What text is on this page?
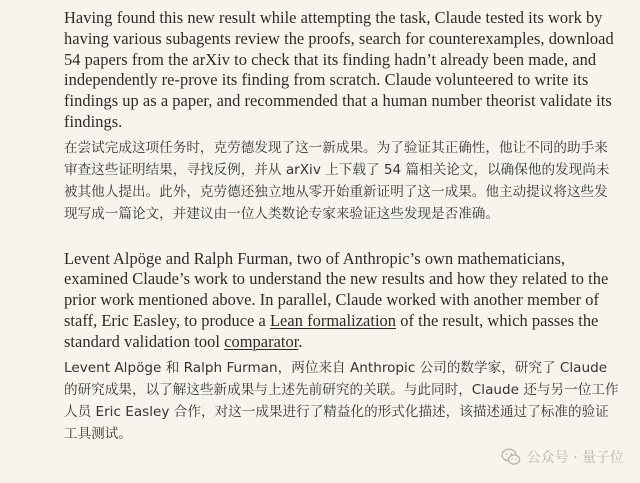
Having found this new result while attempting the task, Claude tested its work by having various subagents review the proofs, search for counterexamples, download 54 papers from the arXiv to check that its finding hadn’t already been made, and independently re-prove its finding from scratch. Claude volunteered to write its findings up as a paper, and recommended that a human number theorist validate its findings.

在尝试完成这项任务时，克劳德发现了这一新成果。为了验证其正确性，他让不同的助手来审查这些证明结果，寻找反例，并从 arXiv 上下载了 54 篇相关论文，以确保他的发现尚未被其他人提出。此外，克劳德还独立地从零开始重新证明了这一成果。他主动提议将这些发现写成一篇论文，并建议由一位人类数论专家来验证这些发现是否准确。

Levent Alpöge and Ralph Furman, two of Anthropic’s own mathematicians, examined Claude’s work to understand the new results and how they related to the prior work mentioned above. In parallel, Claude worked with another member of staff, Eric Easley, to produce a Lean formalization of the result, which passes the standard validation tool comparator.

Levent Alpöge 和 Ralph Furman，两位来自 Anthropic 公司的数学家，研究了 Claude 的研究成果，以了解这些新成果与上述先前研究的关联。与此同时，Claude 还与另一位工作人员 Eric Easley 合作，对这一成果进行了精益化的形式化描述，该描述通过了标准的验证工具测试。

公众号 · 量子位
